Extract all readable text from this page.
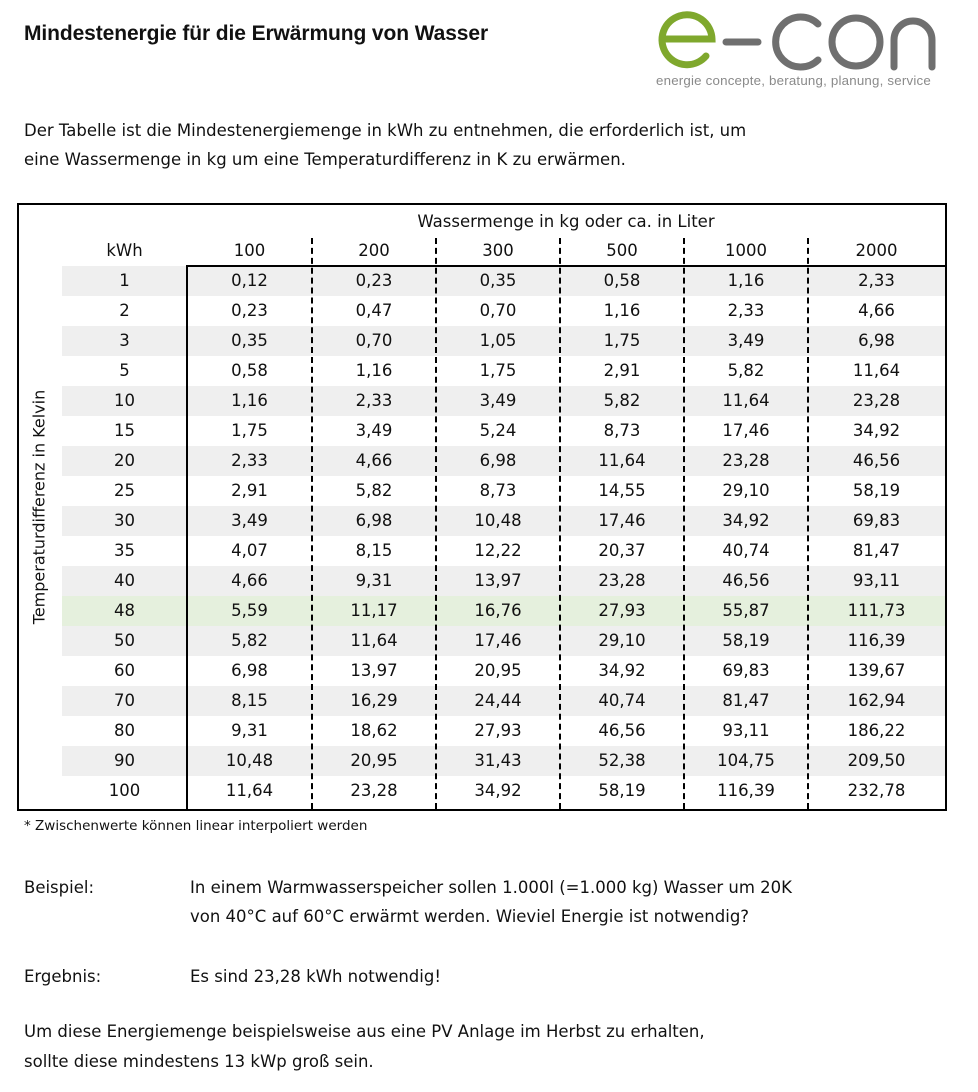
Mindestenergie für die Erwärmung von Wasser
energie concepte, beratung, planung, service

Der Tabelle ist die Mindestenergiemenge in kWh zu entnehmen, die erforderlich ist, um

eine Wassermenge in kg um eine Temperaturdifferenz in K zu erwärmen.

Temperaturdifferenz in Kelvin
Wassermenge in kg oder ca. in Liter
kWh	100	200	300	500	1000	2000
1	0,12	0,23	0,35	0,58	1,16	2,33
2	0,23	0,47	0,70	1,16	2,33	4,66
3	0,35	0,70	1,05	1,75	3,49	6,98
5	0,58	1,16	1,75	2,91	5,82	11,64
10	1,16	2,33	3,49	5,82	11,64	23,28
15	1,75	3,49	5,24	8,73	17,46	34,92
20	2,33	4,66	6,98	11,64	23,28	46,56
25	2,91	5,82	8,73	14,55	29,10	58,19
30	3,49	6,98	10,48	17,46	34,92	69,83
35	4,07	8,15	12,22	20,37	40,74	81,47
40	4,66	9,31	13,97	23,28	46,56	93,11
48	5,59	11,17	16,76	27,93	55,87	111,73
50	5,82	11,64	17,46	29,10	58,19	116,39
60	6,98	13,97	20,95	34,92	69,83	139,67
70	8,15	16,29	24,44	40,74	81,47	162,94
80	9,31	18,62	27,93	46,56	93,11	186,22
90	10,48	20,95	31,43	52,38	104,75	209,50
100	11,64	23,28	34,92	58,19	116,39	232,78
* Zwischenwerte können linear interpoliert werden
Beispiel:	In einem Warmwasserspeicher sollen 1.000l (=1.000 kg) Wasser um 20K

von 40°C auf 60°C erwärmt werden. Wieviel Energie ist notwendig?

Ergebnis:	Es sind 23,28 kWh notwendig!

Um diese Energiemenge beispielsweise aus eine PV Anlage im Herbst zu erhalten,

sollte diese mindestens 13 kWp groß sein.
